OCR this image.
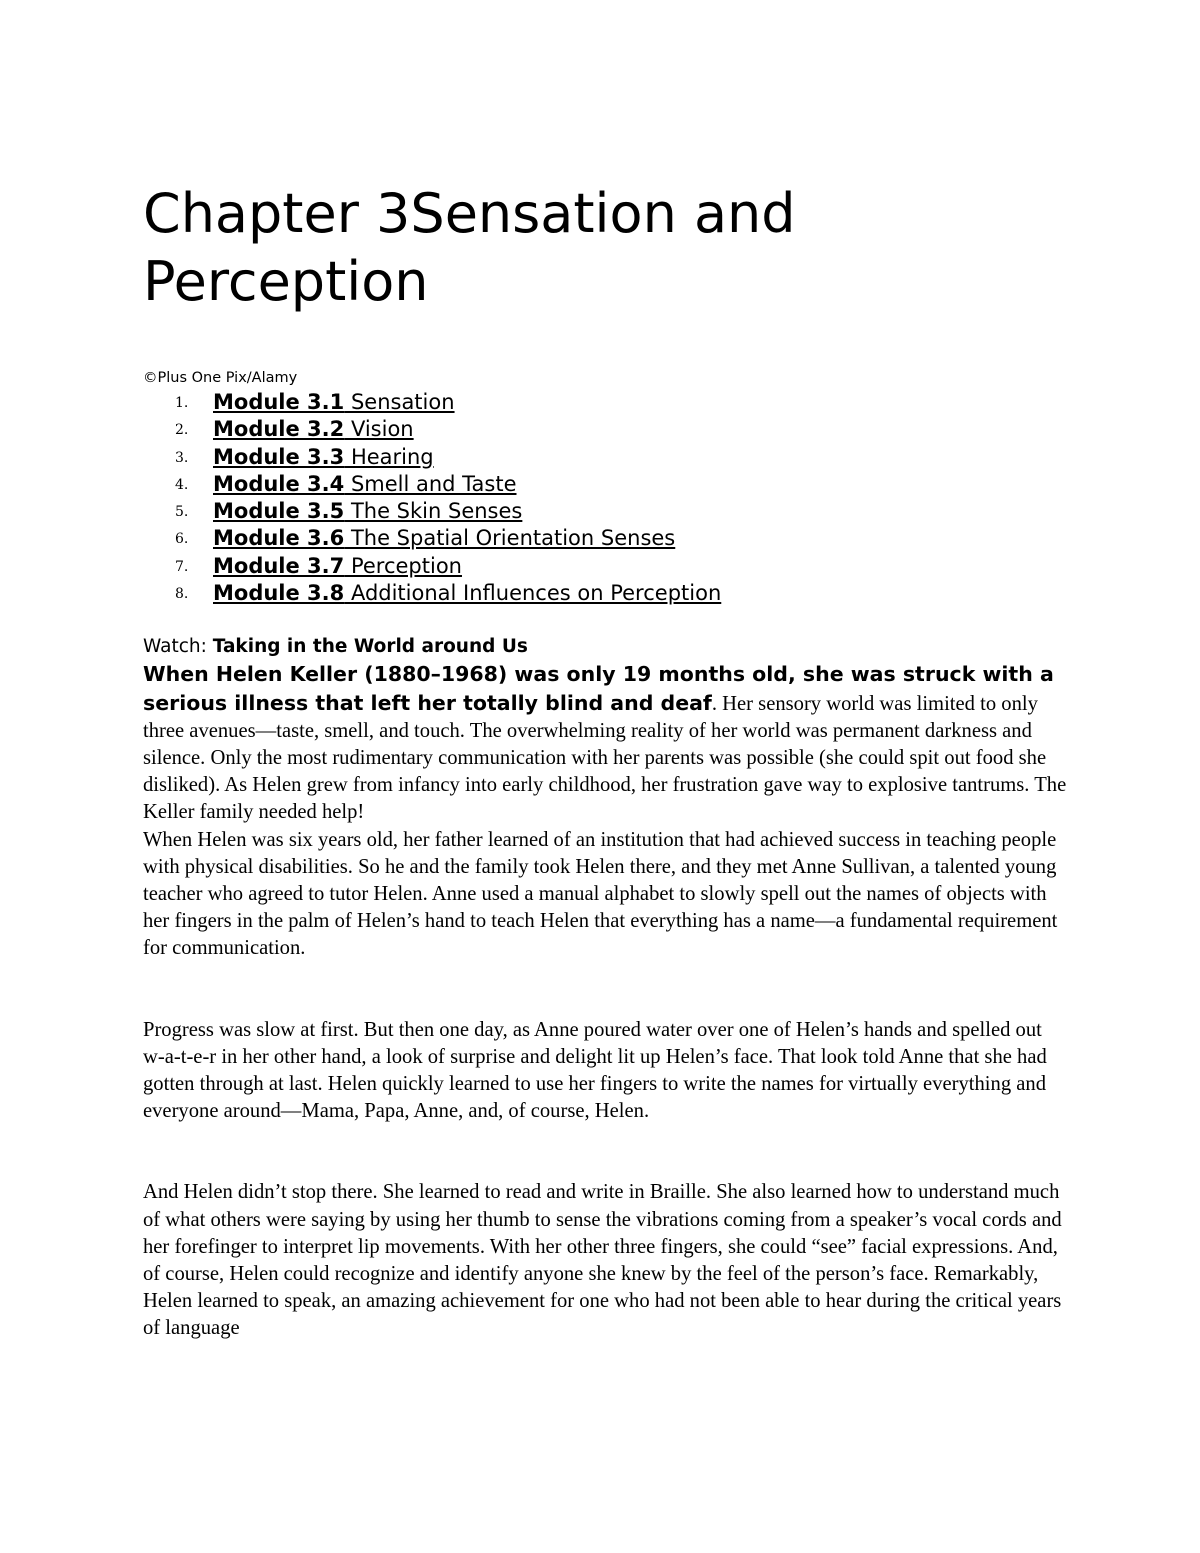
Chapter 3Sensation and Perception
©Plus One Pix/Alamy
1. Module 3.1 Sensation
2. Module 3.2 Vision
3. Module 3.3 Hearing
4. Module 3.4 Smell and Taste
5. Module 3.5 The Skin Senses
6. Module 3.6 The Spatial Orientation Senses
7. Module 3.7 Perception
8. Module 3.8 Additional Influences on Perception
Watch: Taking in the World around Us

When Helen Keller (1880–1968) was only 19 months old, she was struck with a serious illness that left her totally blind and deaf. Her sensory world was limited to only three avenues—taste, smell, and touch. The overwhelming reality of her world was permanent darkness and silence. Only the most rudimentary communication with her parents was possible (she could spit out food she disliked). As Helen grew from infancy into early childhood, her frustration gave way to explosive tantrums. The Keller family needed help!

When Helen was six years old, her father learned of an institution that had achieved success in teaching people with physical disabilities. So he and the family took Helen there, and they met Anne Sullivan, a talented young teacher who agreed to tutor Helen. Anne used a manual alphabet to slowly spell out the names of objects with her fingers in the palm of Helen’s hand to teach Helen that everything has a name—a fundamental requirement for communication.

Progress was slow at first. But then one day, as Anne poured water over one of Helen’s hands and spelled out w-a-t-e-r in her other hand, a look of surprise and delight lit up Helen’s face. That look told Anne that she had gotten through at last. Helen quickly learned to use her fingers to write the names for virtually everything and everyone around—Mama, Papa, Anne, and, of course, Helen.

And Helen didn’t stop there. She learned to read and write in Braille. She also learned how to understand much of what others were saying by using her thumb to sense the vibrations coming from a speaker’s vocal cords and her forefinger to interpret lip movements. With her other three fingers, she could “see” facial expressions. And, of course, Helen could recognize and identify anyone she knew by the feel of the person’s face. Remarkably, Helen learned to speak, an amazing achievement for one who had not been able to hear during the critical years of language
